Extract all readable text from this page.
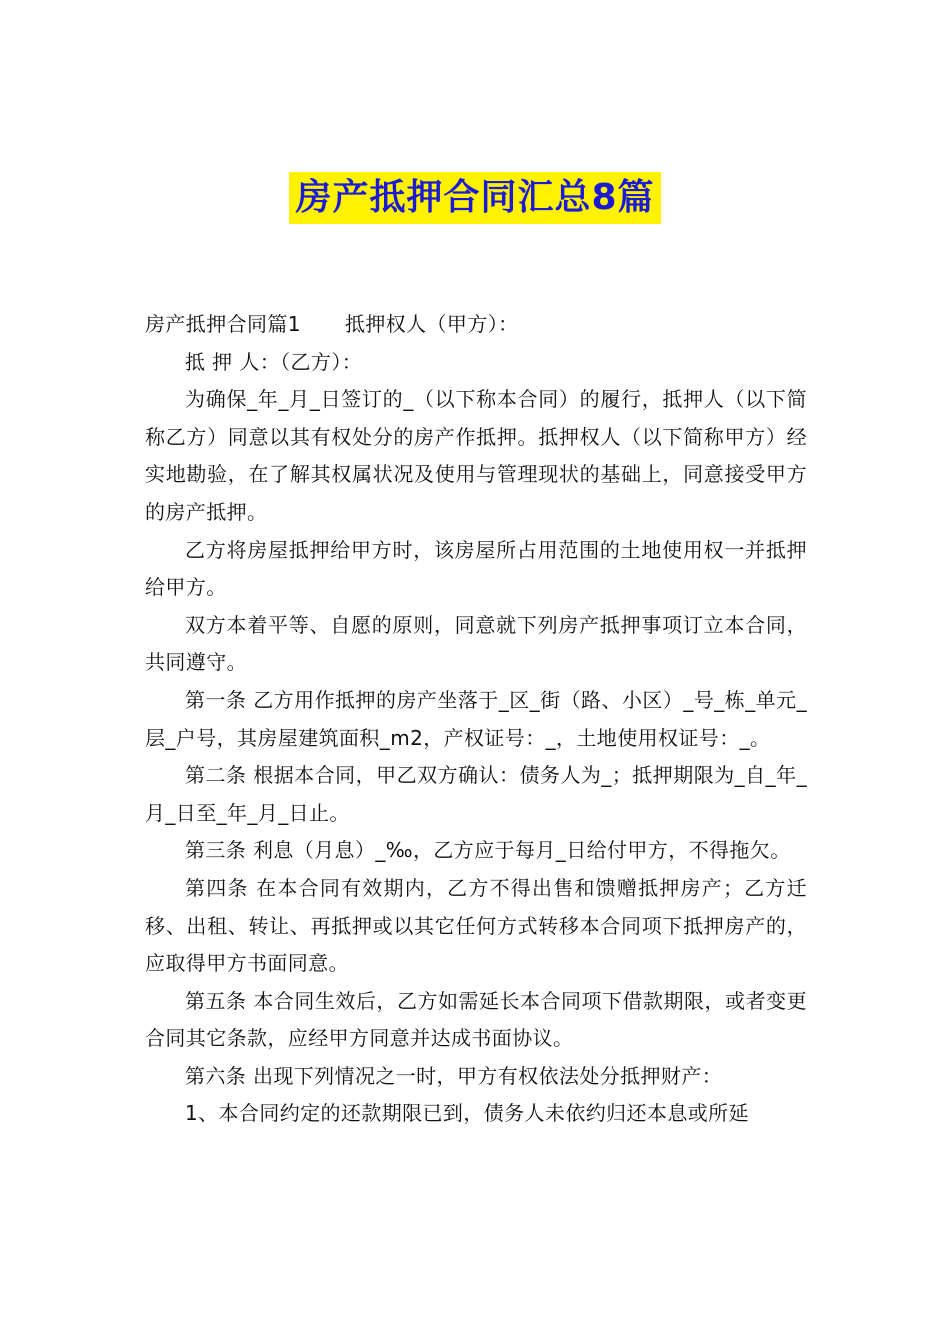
房产抵押合同汇总8篇

房产抵押合同篇1 抵押权人（甲方）：

抵 押 人：（乙方）：

为确保_年_月_日签订的_（以下称本合同）的履行，抵押人（以下简称乙方）同意以其有权处分的房产作抵押。抵押权人（以下简称甲方）经实地勘验，在了解其权属状况及使用与管理现状的基础上，同意接受甲方的房产抵押。

乙方将房屋抵押给甲方时，该房屋所占用范围的土地使用权一并抵押给甲方。

双方本着平等、自愿的原则，同意就下列房产抵押事项订立本合同，共同遵守。

第一条 乙方用作抵押的房产坐落于_区_街（路、小区）_号_栋_单元_层_户号，其房屋建筑面积_m2，产权证号：_，土地使用权证号：_。

第二条 根据本合同，甲乙双方确认：债务人为_；抵押期限为_自_年_月_日至_年_月_日止。

第三条 利息（月息）_‰，乙方应于每月_日给付甲方，不得拖欠。

第四条 在本合同有效期内，乙方不得出售和馈赠抵押房产；乙方迁移、出租、转让、再抵押或以其它任何方式转移本合同项下抵押房产的，应取得甲方书面同意。

第五条 本合同生效后，乙方如需延长本合同项下借款期限，或者变更合同其它条款，应经甲方同意并达成书面协议。

第六条 出现下列情况之一时，甲方有权依法处分抵押财产：

1、本合同约定的还款期限已到，债务人未依约归还本息或所延
